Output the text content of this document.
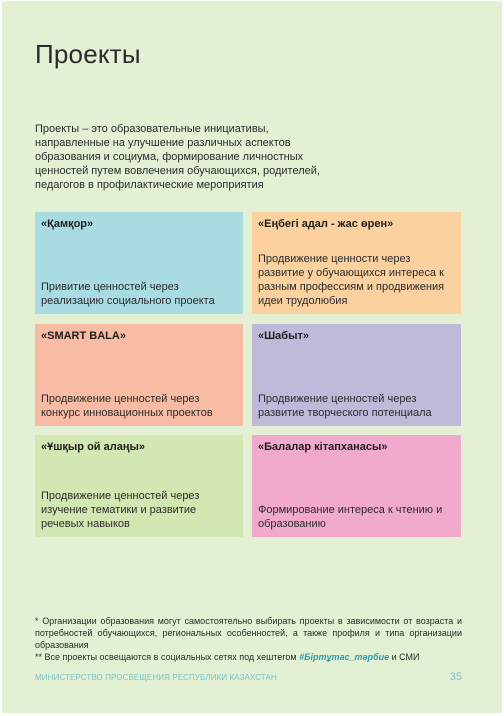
Проекты
Проекты – это образовательные инициативы, направленные на улучшение различных аспектов образования и социума, формирование личностных ценностей путем вовлечения обучающихся, родителей, педагогов в профилактические мероприятия
«Қамқор»
Привитие ценностей через реализацию социального проекта
«Еңбегі адал - жас өрен»
Продвижение ценности через развитие у обучающихся интереса к разным профессиям и продвижения идеи трудолюбия
«SMART BALA»
Продвижение ценностей через конкурс инновационных проектов
«Шабыт»
Продвижение ценностей через развитие творческого потенциала
«Ұшқыр ой алаңы»
Продвижение ценностей через изучение тематики и развитие речевых навыков
«Балалар кітапханасы»
Формирование интереса к чтению и образованию
* Организации образования могут самостоятельно выбирать проекты в зависимости от возраста и потребностей обучающихся, региональных особенностей, а также профиля и типа организации образования
** Все проекты освещаются в социальных сетях под хештегом #Біртұтас_тәрбие и СМИ
МИНИСТЕРСТВО ПРОСВЕЩЕНИЯ РЕСПУБЛИКИ КАЗАХСТАН	35
